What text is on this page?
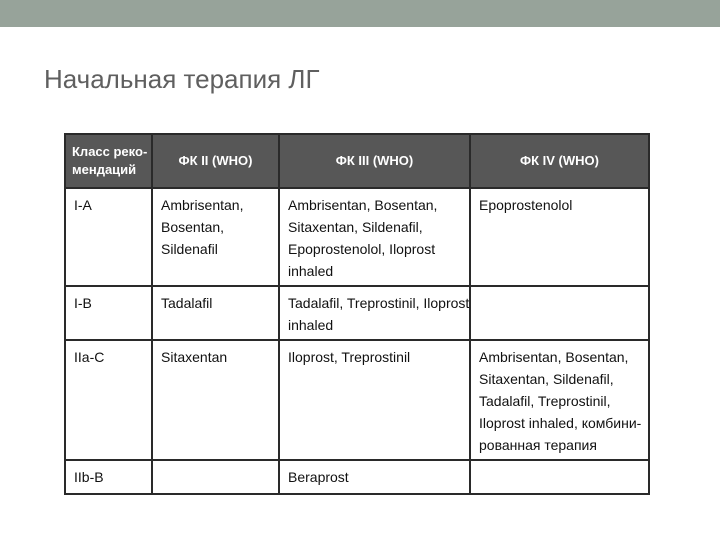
Начальная терапия ЛГ
Класс реко-
мендаций	ФК II (WHO)	ФК III (WHO)	ФК IV (WHO)
I-A	Ambrisentan,
Bosentan,
Sildenafil	Ambrisentan, Bosentan,
Sitaxentan, Sildenafil,
Epoprostenolol, Iloprost
inhaled	Epoprostenolol

I-B	Tadalafil	Tadalafil, Treprostinil, Iloprost
inhaled	

IIa-C	Sitaxentan	Iloprost, Treprostinil	Ambrisentan, Bosentan,
Sitaxentan, Sildenafil,
Tadalafil, Treprostinil,
Iloprost inhaled, комбини-
рованная терапия

IIb-B		Beraprost	
